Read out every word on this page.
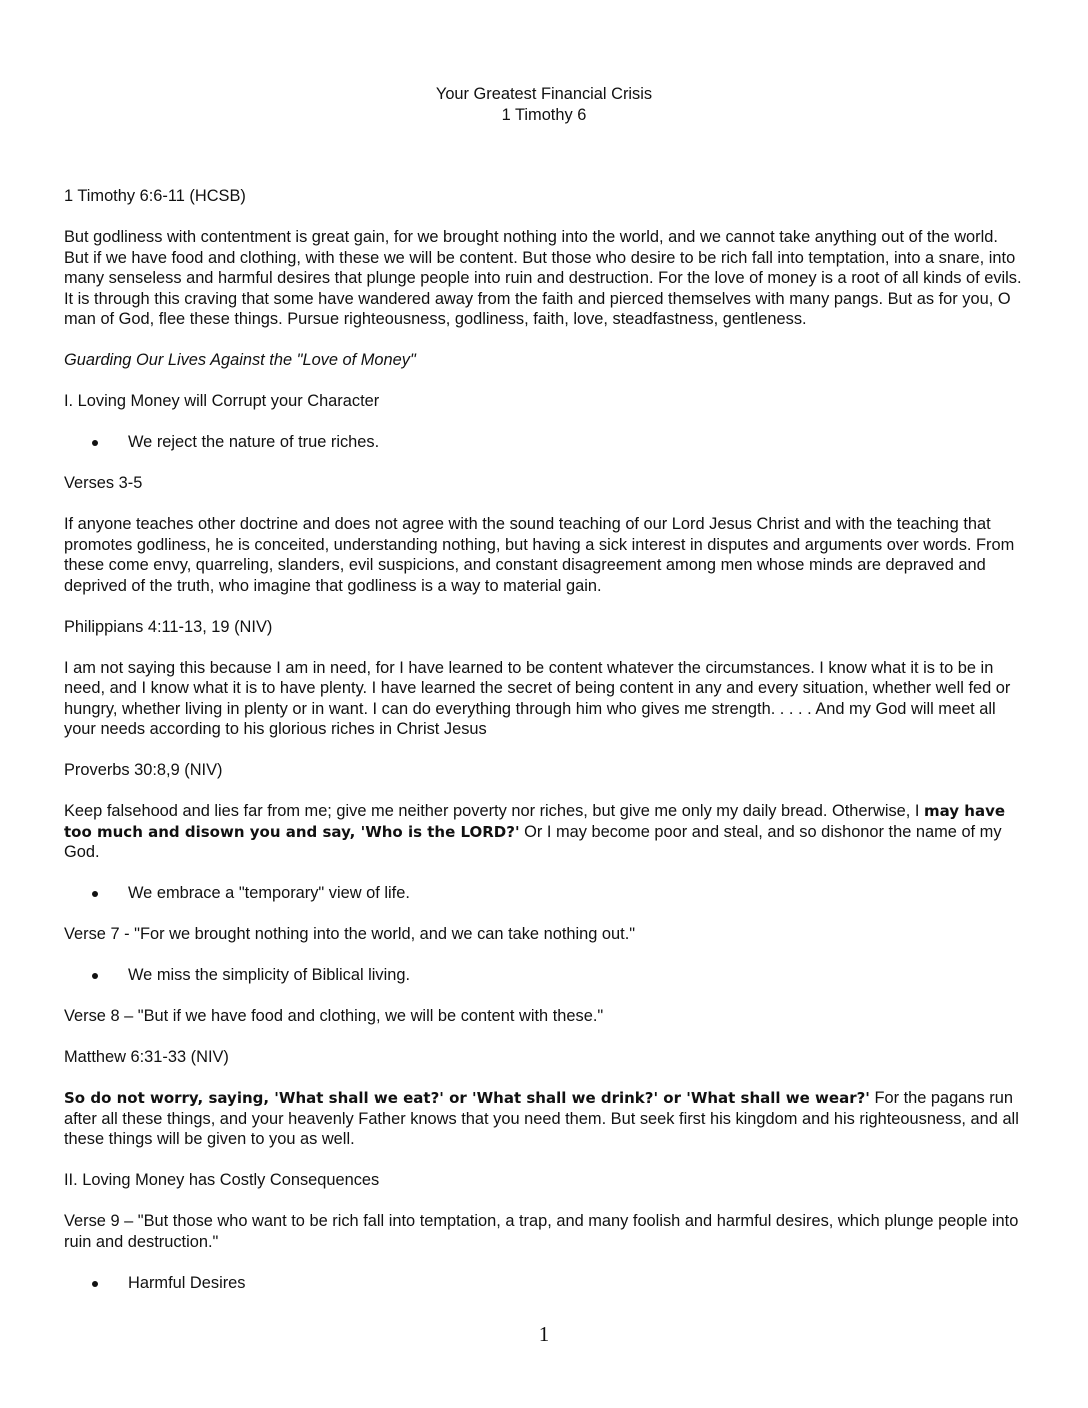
Your Greatest Financial Crisis

1 Timothy 6

1 Timothy 6:6-11 (HCSB)

But godliness with contentment is great gain, for we brought nothing into the world, and we cannot take anything out of the world. But if we have food and clothing, with these we will be content. But those who desire to be rich fall into temptation, into a snare, into many senseless and harmful desires that plunge people into ruin and destruction. For the love of money is a root of all kinds of evils. It is through this craving that some have wandered away from the faith and pierced themselves with many pangs. But as for you, O man of God, flee these things. Pursue righteousness, godliness, faith, love, steadfastness, gentleness.

Guarding Our Lives Against the "Love of Money"

I. Loving Money will Corrupt your Character

We reject the nature of true riches.

Verses 3-5

If anyone teaches other doctrine and does not agree with the sound teaching of our Lord Jesus Christ and with the teaching that promotes godliness, he is conceited, understanding nothing, but having a sick interest in disputes and arguments over words. From these come envy, quarreling, slanders, evil suspicions, and constant disagreement among men whose minds are depraved and deprived of the truth, who imagine that godliness is a way to material gain.

Philippians 4:11-13, 19 (NIV)

I am not saying this because I am in need, for I have learned to be content whatever the circumstances. I know what it is to be in need, and I know what it is to have plenty. I have learned the secret of being content in any and every situation, whether well fed or hungry, whether living in plenty or in want. I can do everything through him who gives me strength. . . . . And my God will meet all your needs according to his glorious riches in Christ Jesus

Proverbs 30:8,9 (NIV)

Keep falsehood and lies far from me; give me neither poverty nor riches, but give me only my daily bread. Otherwise, I may have too much and disown you and say, 'Who is the LORD?' Or I may become poor and steal, and so dishonor the name of my God.

We embrace a "temporary" view of life.

Verse 7 - "For we brought nothing into the world, and we can take nothing out."

We miss the simplicity of Biblical living.

Verse 8 – "But if we have food and clothing, we will be content with these."

Matthew 6:31-33 (NIV)

So do not worry, saying, 'What shall we eat?' or 'What shall we drink?' or 'What shall we wear?' For the pagans run after all these things, and your heavenly Father knows that you need them. But seek first his kingdom and his righteousness, and all these things will be given to you as well.

II. Loving Money has Costly Consequences

Verse 9 – "But those who want to be rich fall into temptation, a trap, and many foolish and harmful desires, which plunge people into ruin and destruction."

Harmful Desires
1
